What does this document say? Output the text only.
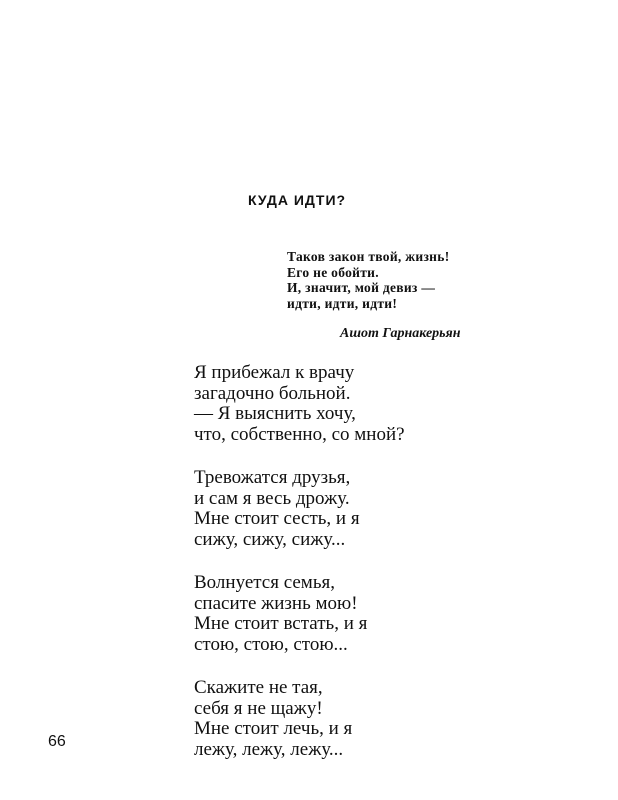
КУДА ИДТИ?
Таков закон твой, жизнь!
Его не обойти.
И, значит, мой девиз —
идти, идти, идти!
Ашот Гарнакерьян
Я прибежал к врачу
загадочно больной.
— Я выяснить хочу,
что, собственно, со мной?
Тревожатся друзья,
и сам я весь дрожу.
Мне стоит сесть, и я
сижу, сижу, сижу...
Волнуется семья,
спасите жизнь мою!
Мне стоит встать, и я
стою, стою, стою...
Скажите не тая,
себя я не щажу!
Мне стоит лечь, и я
лежу, лежу, лежу...
66
